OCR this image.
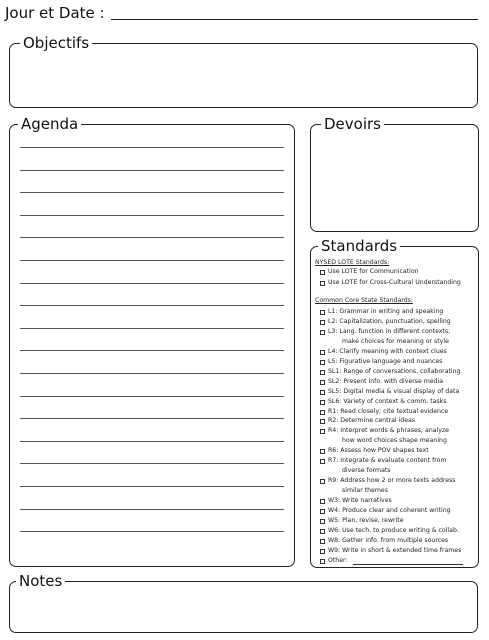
Jour et Date :
Objectifs
Agenda	Devoirs
Standards
NYSED LOTE Standards:
Use LOTE for Communication
Use LOTE for Cross-Cultural Understanding
Common Core State Standards:
Notes
L1: Grammar in writing and speaking
L2: Capitalization, punctuation, spelling
L3: Lang. function in different contexts;
make choices for meaning or style
L4: Clarify meaning with context clues
L5: Figurative language and nuances
SL1: Range of conversations, collaborating
SL2: Present info. with diverse media
SL5: Digital media & visual display of data
SL6: Variety of context & comm. tasks
R1: Read closely; cite textual evidence
R2: Determine central ideas
R4: Interpret words & phrases; analyze
how word choices shape meaning
R6: Assess how POV shapes text
R7: Integrate & evaluate content from
diverse formats
R9: Address how 2 or more texts address
similar themes
W3: Write narratives
W4: Produce clear and coherent writing
W5: Plan, revise, rewrite
W6: Use tech. to produce writing & collab.
W8: Gather info. from multiple sources
W9: Write in short & extended time frames
Other:
